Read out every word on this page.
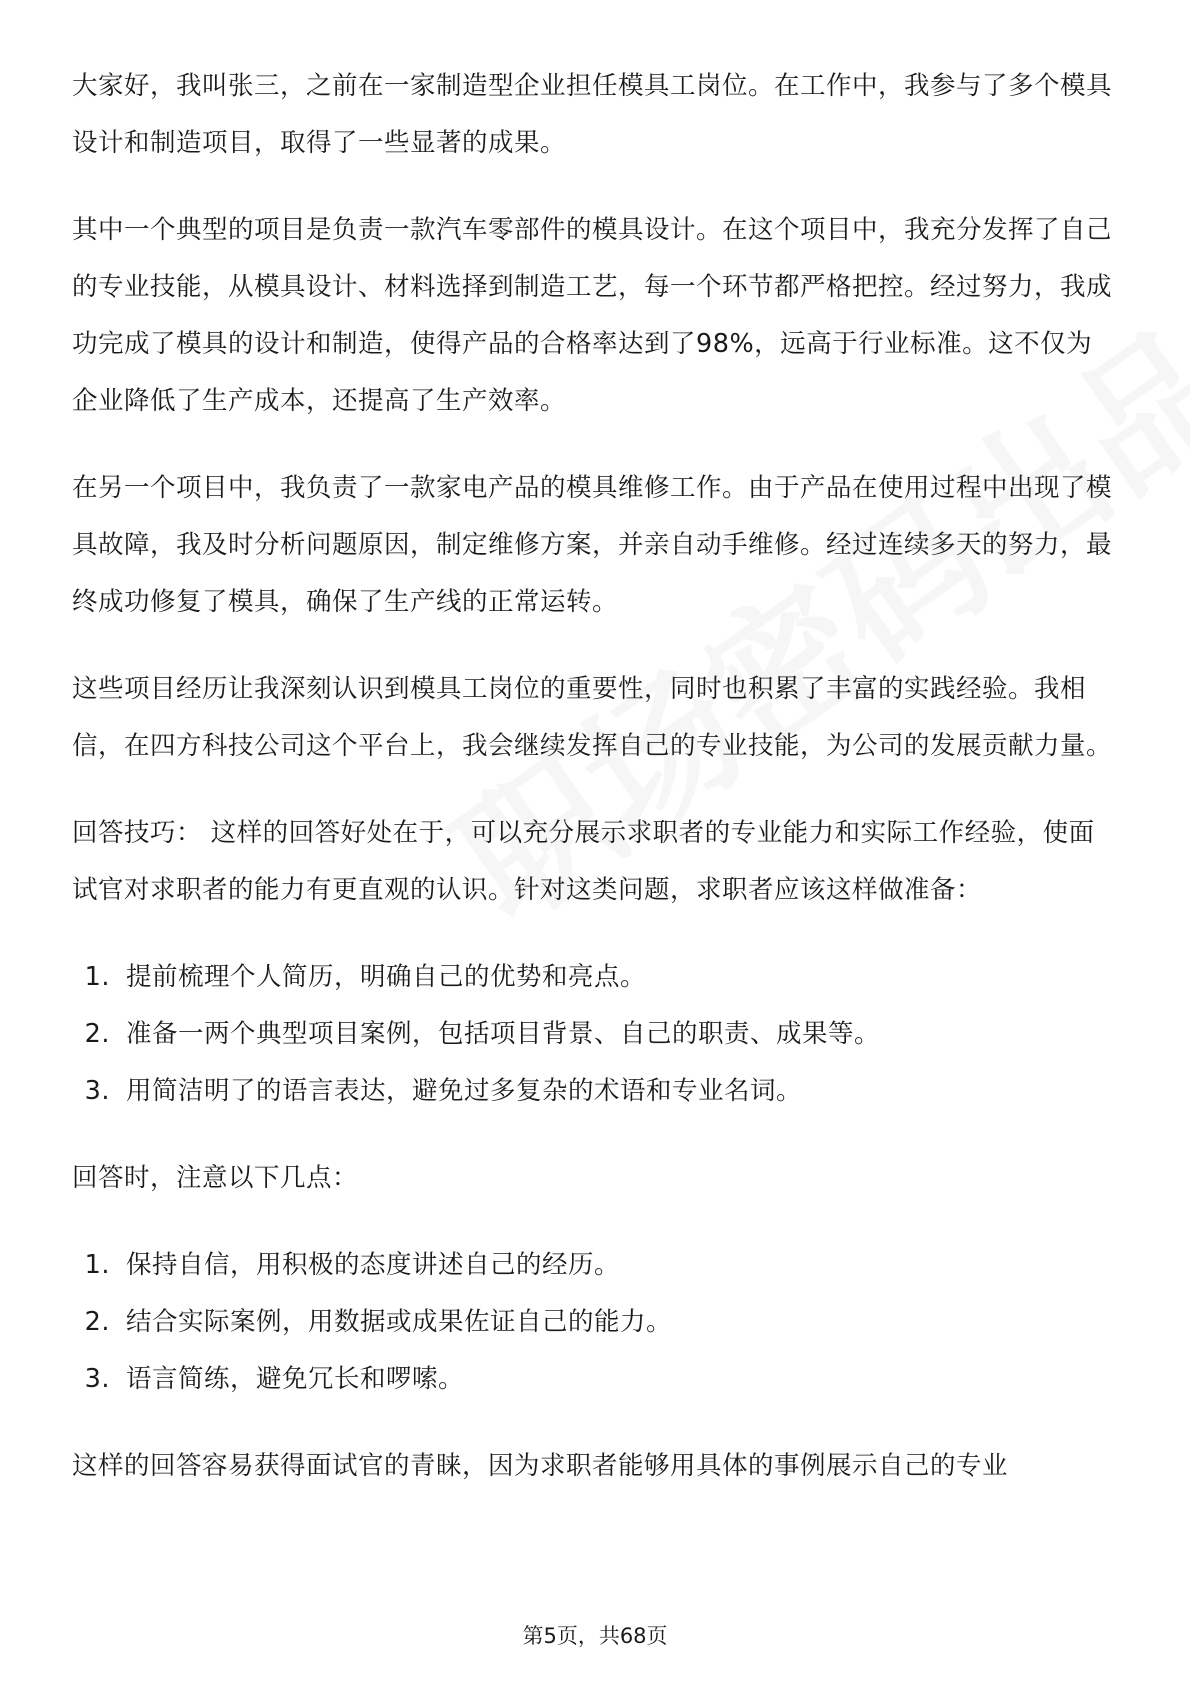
大家好，我叫张三，之前在一家制造型企业担任模具工岗位。在工作中，我参与了多个模具设计和制造项目，取得了一些显著的成果。

其中一个典型的项目是负责一款汽车零部件的模具设计。在这个项目中，我充分发挥了自己的专业技能，从模具设计、材料选择到制造工艺，每一个环节都严格把控。经过努力，我成功完成了模具的设计和制造，使得产品的合格率达到了98%，远高于行业标准。这不仅为企业降低了生产成本，还提高了生产效率。

在另一个项目中，我负责了一款家电产品的模具维修工作。由于产品在使用过程中出现了模具故障，我及时分析问题原因，制定维修方案，并亲自动手维修。经过连续多天的努力，最终成功修复了模具，确保了生产线的正常运转。

这些项目经历让我深刻认识到模具工岗位的重要性，同时也积累了丰富的实践经验。我相信，在四方科技公司这个平台上，我会继续发挥自己的专业技能，为公司的发展贡献力量。

回答技巧： 这样的回答好处在于，可以充分展示求职者的专业能力和实际工作经验，使面试官对求职者的能力有更直观的认识。针对这类问题，求职者应该这样做准备：

1. 提前梳理个人简历，明确自己的优势和亮点。
2. 准备一两个典型项目案例，包括项目背景、自己的职责、成果等。
3. 用简洁明了的语言表达，避免过多复杂的术语和专业名词。

回答时，注意以下几点：

1. 保持自信，用积极的态度讲述自己的经历。
2. 结合实际案例，用数据或成果佐证自己的能力。
3. 语言简练，避免冗长和啰嗦。

这样的回答容易获得面试官的青睐，因为求职者能够用具体的事例展示自己的专业

第5页，共68页
